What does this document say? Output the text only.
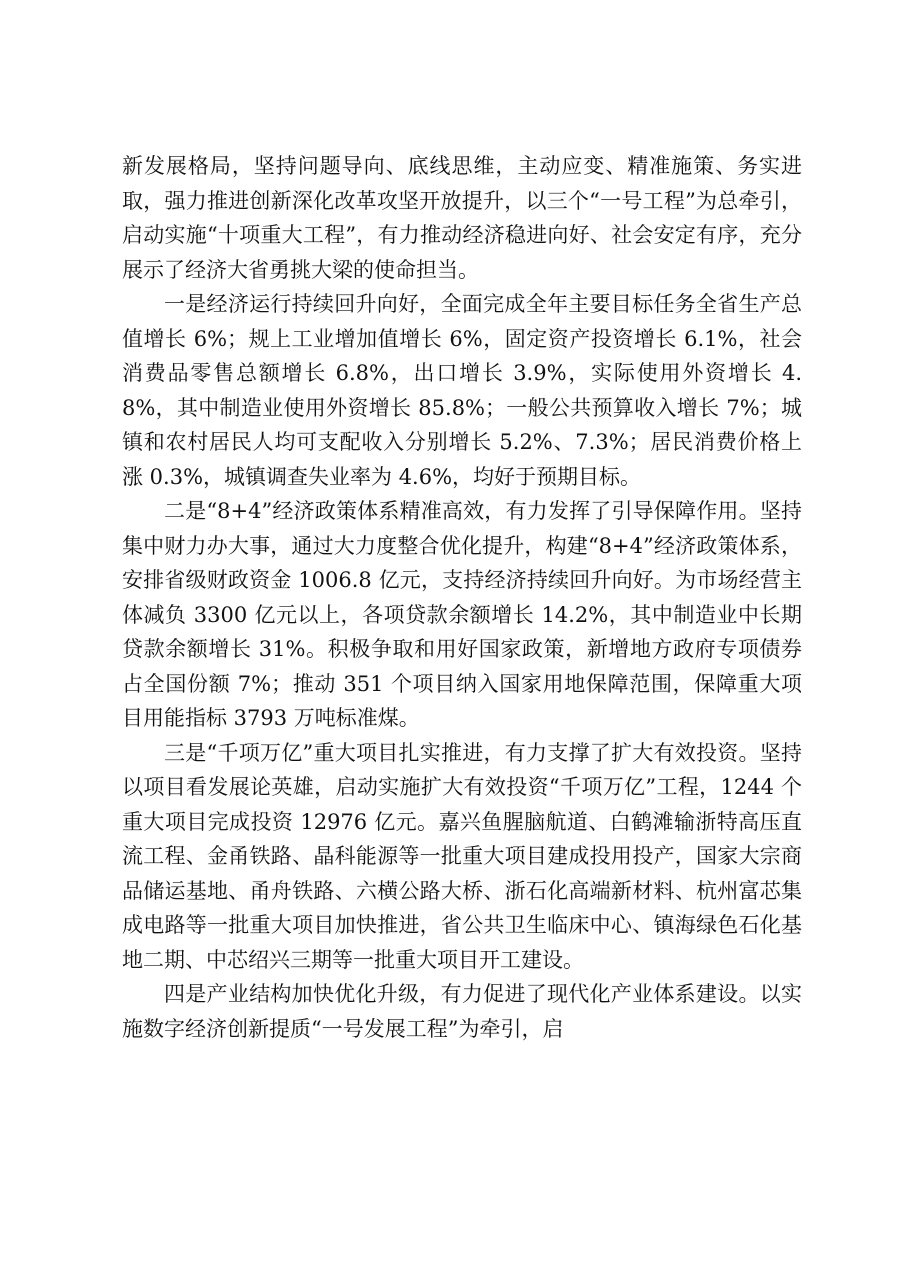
新发展格局，坚持问题导向、底线思维，主动应变、精准施策、务实进取，强力推进创新深化改革攻坚开放提升，以三个“一号工程”为总牵引，启动实施“十项重大工程”，有力推动经济稳进向好、社会安定有序，充分展示了经济大省勇挑大梁的使命担当。

一是经济运行持续回升向好，全面完成全年主要目标任务全省生产总值增长 6%；规上工业增加值增长 6%，固定资产投资增长 6.1%，社会消费品零售总额增长 6.8%，出口增长 3.9%，实际使用外资增长 4.8%，其中制造业使用外资增长 85.8%；一般公共预算收入增长 7%；城镇和农村居民人均可支配收入分别增长 5.2%、7.3%；居民消费价格上涨 0.3%，城镇调查失业率为 4.6%，均好于预期目标。

二是“8+4”经济政策体系精准高效，有力发挥了引导保障作用。坚持集中财力办大事，通过大力度整合优化提升，构建“8+4”经济政策体系，安排省级财政资金 1006.8 亿元，支持经济持续回升向好。为市场经营主体减负 3300 亿元以上，各项贷款余额增长 14.2%，其中制造业中长期贷款余额增长 31%。积极争取和用好国家政策，新增地方政府专项债券占全国份额 7%；推动 351 个项目纳入国家用地保障范围，保障重大项目用能指标 3793 万吨标准煤。

三是“千项万亿”重大项目扎实推进，有力支撑了扩大有效投资。坚持以项目看发展论英雄，启动实施扩大有效投资“千项万亿”工程，1244 个重大项目完成投资 12976 亿元。嘉兴鱼腥脑航道、白鹤滩输浙特高压直流工程、金甬铁路、晶科能源等一批重大项目建成投用投产，国家大宗商品储运基地、甬舟铁路、六横公路大桥、浙石化高端新材料、杭州富芯集成电路等一批重大项目加快推进，省公共卫生临床中心、镇海绿色石化基地二期、中芯绍兴三期等一批重大项目开工建设。

四是产业结构加快优化升级，有力促进了现代化产业体系建设。以实施数字经济创新提质“一号发展工程”为牵引，启
